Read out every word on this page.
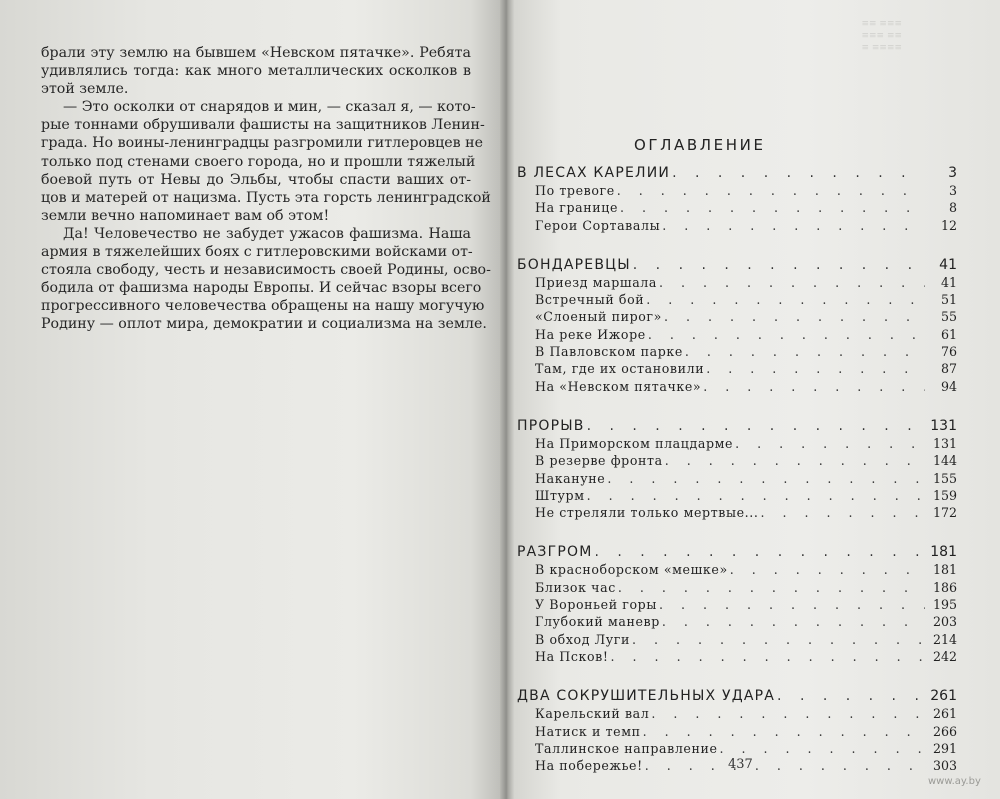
брали эту землю на бывшем «Невском пятачке». Ребята
удивлялись тогда: как много металлических осколков в
этой земле.
— Это осколки от снарядов и мин, — сказал я, — кото-
рые тоннами обрушивали фашисты на защитников Ленин-
града. Но воины-ленинградцы разгромили гитлеровцев не
только под стенами своего города, но и прошли тяжелый
боевой путь от Невы до Эльбы, чтобы спасти ваших от-
цов и матерей от нацизма. Пусть эта горсть ленинградской
земли вечно напоминает вам об этом!
Да! Человечество не забудет ужасов фашизма. Наша
армия в тяжелейших боях с гитлеровскими войсками от-
стояла свободу, честь и независимость своей Родины, осво-
бодила от фашизма народы Европы. И сейчас взоры всего
прогрессивного человечества обращены на нашу могучую
Родину — оплот мира, демократии и социализма на земле.
≡≡≡ ≡≡
≡≡ ≡≡≡
≡≡≡≡ ≡
ОГЛАВЛЕНИЕ
В ЛЕСАХ КАРЕЛИИ . . .	3
По тревоге . . .	3
На границе . . .	8
Герои Сортавалы . . .	12
БОНДАРЕВЦЫ . . .	41
Приезд маршала . . .	41
Встречный бой . . .	51
«Слоеный пирог» . . .	55
На реке Ижоре . . .	61
В Павловском парке . . .	76
Там, где их остановили . . .	87
На «Невском пятачке» . . .	94
ПРОРЫВ . . .	131
На Приморском плацдарме . . .	131
В резерве фронта . . .	144
Накануне . . .	155
Штурм . . .	159
Не стреляли только мертвые... . . .	172
РАЗГРОМ . . .	181
В красноборском «мешке» . . .	181
Близок час . . .	186
У Вороньей горы . . .	195
Глубокий маневр . . .	203
В обход Луги . . .	214
На Псков! . . .	242
ДВА СОКРУШИТЕЛЬНЫХ УДАРА . . .	261
Карельский вал . . .	261
Натиск и темп . . .	266
Таллинское направление . . .	291
На побережье! . . .	303
437
www.ay.by
